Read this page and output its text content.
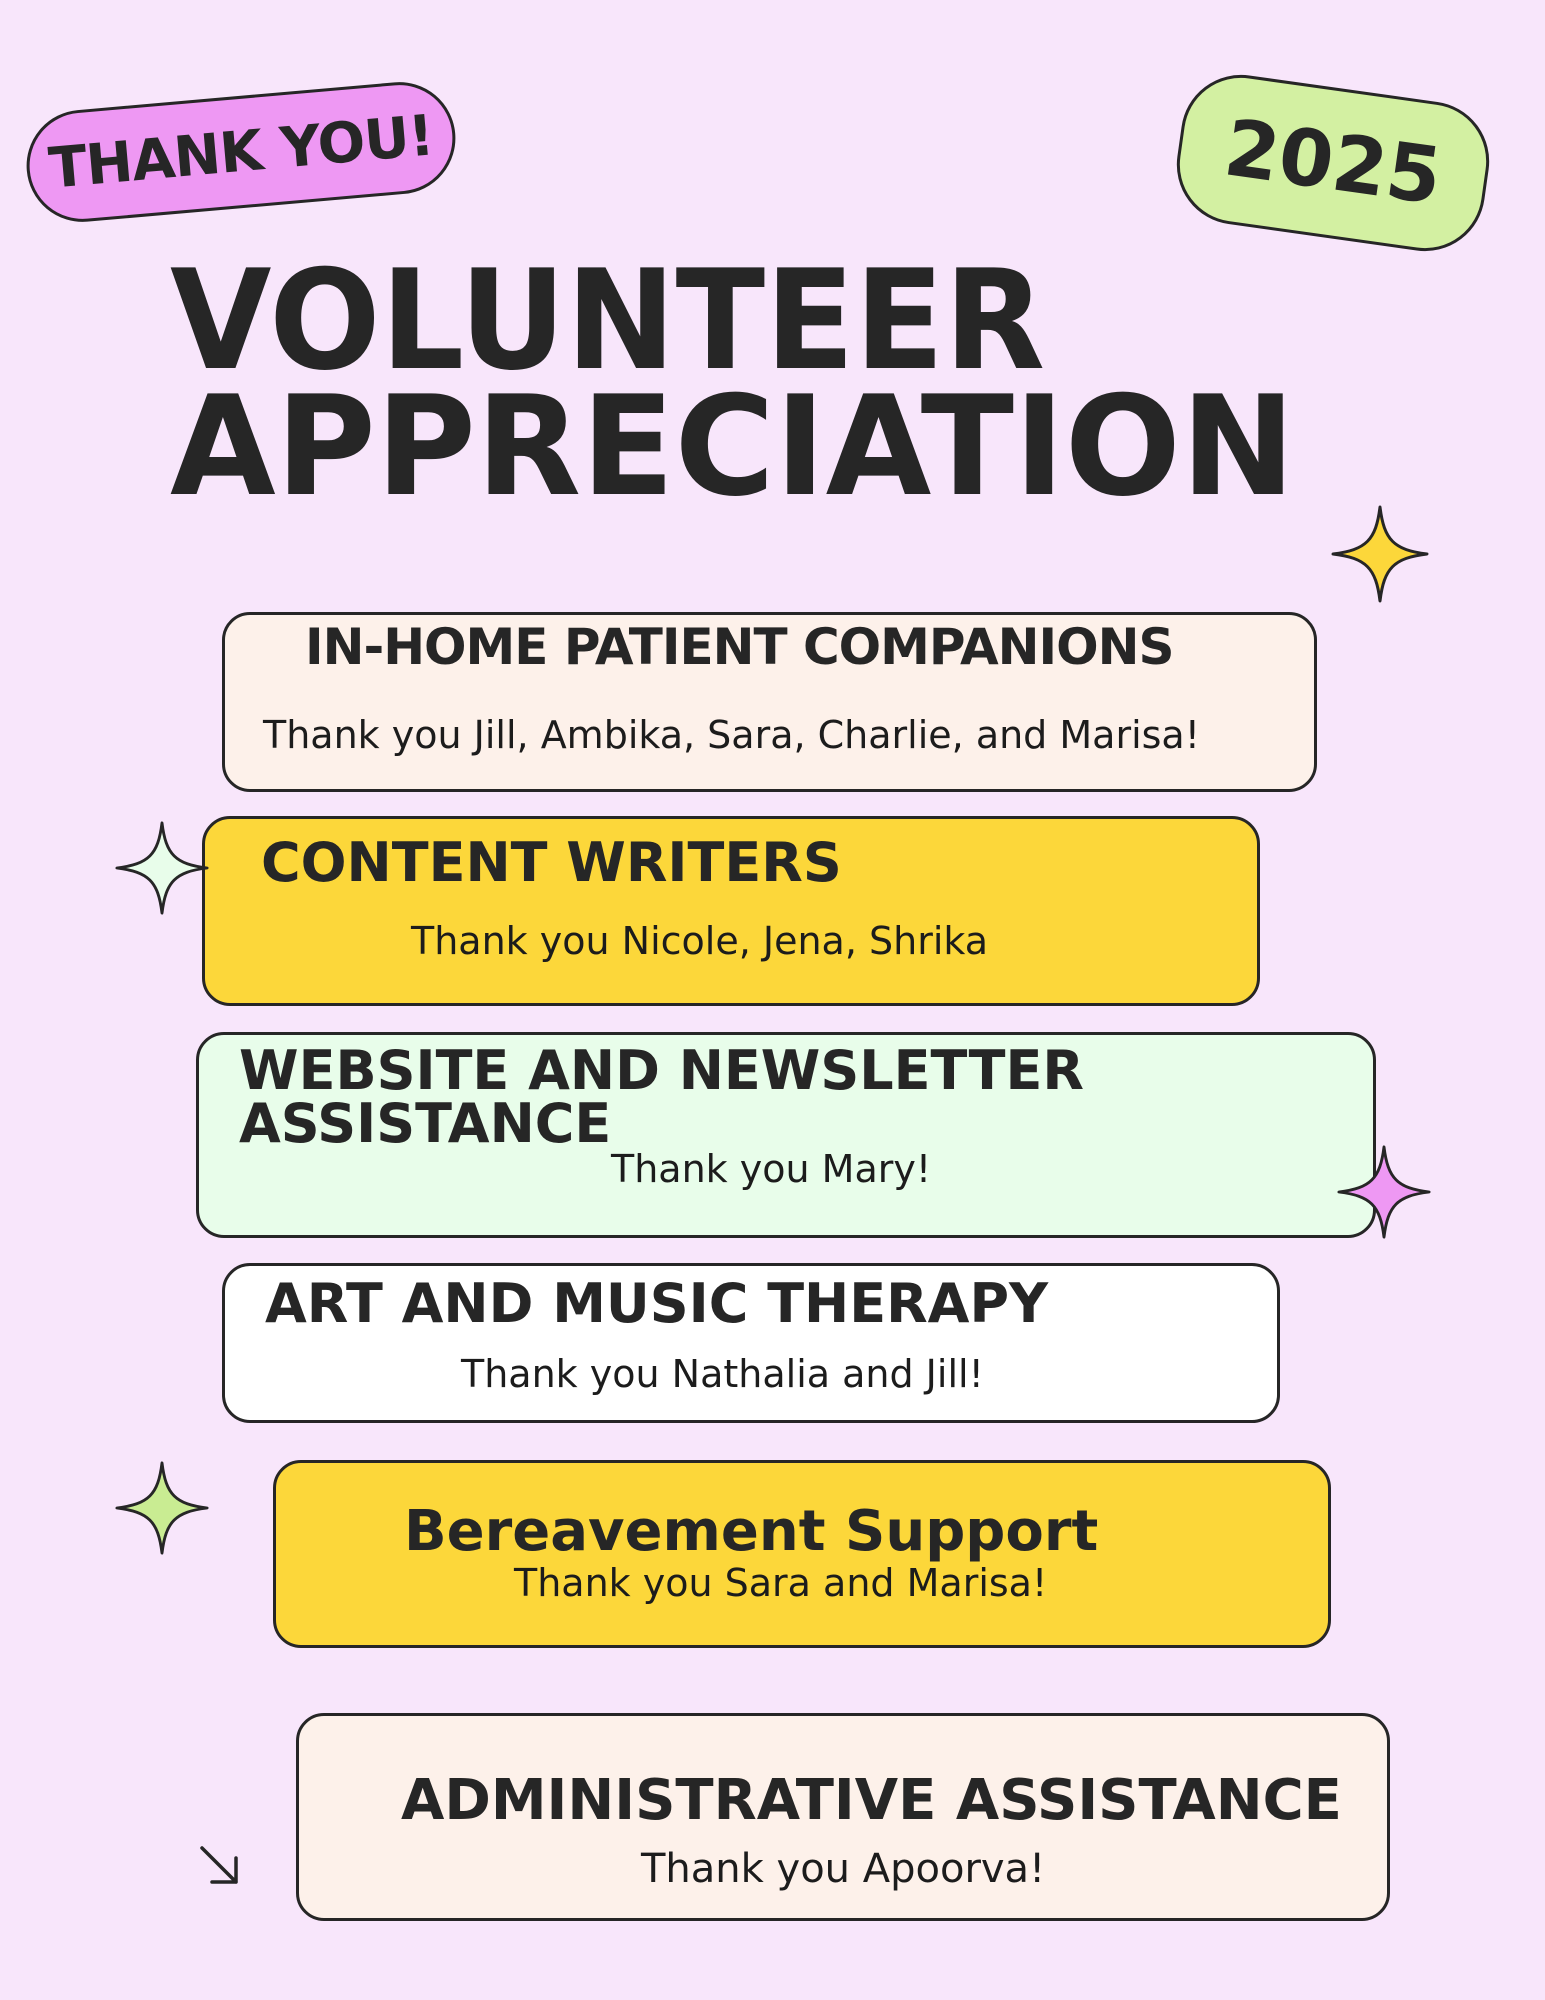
THANK YOU!	2025
VOLUNTEER
APPRECIATION
IN-HOME PATIENT COMPANIONS
Thank you Jill, Ambika, Sara, Charlie, and Marisa!
CONTENT WRITERS
Thank you Nicole, Jena, Shrika
WEBSITE AND NEWSLETTER ASSISTANCE
Thank you Mary!
ART AND MUSIC THERAPY
Thank you Nathalia and Jill!
Bereavement Support
Thank you Sara and Marisa!
ADMINISTRATIVE ASSISTANCE
Thank you Apoorva!
